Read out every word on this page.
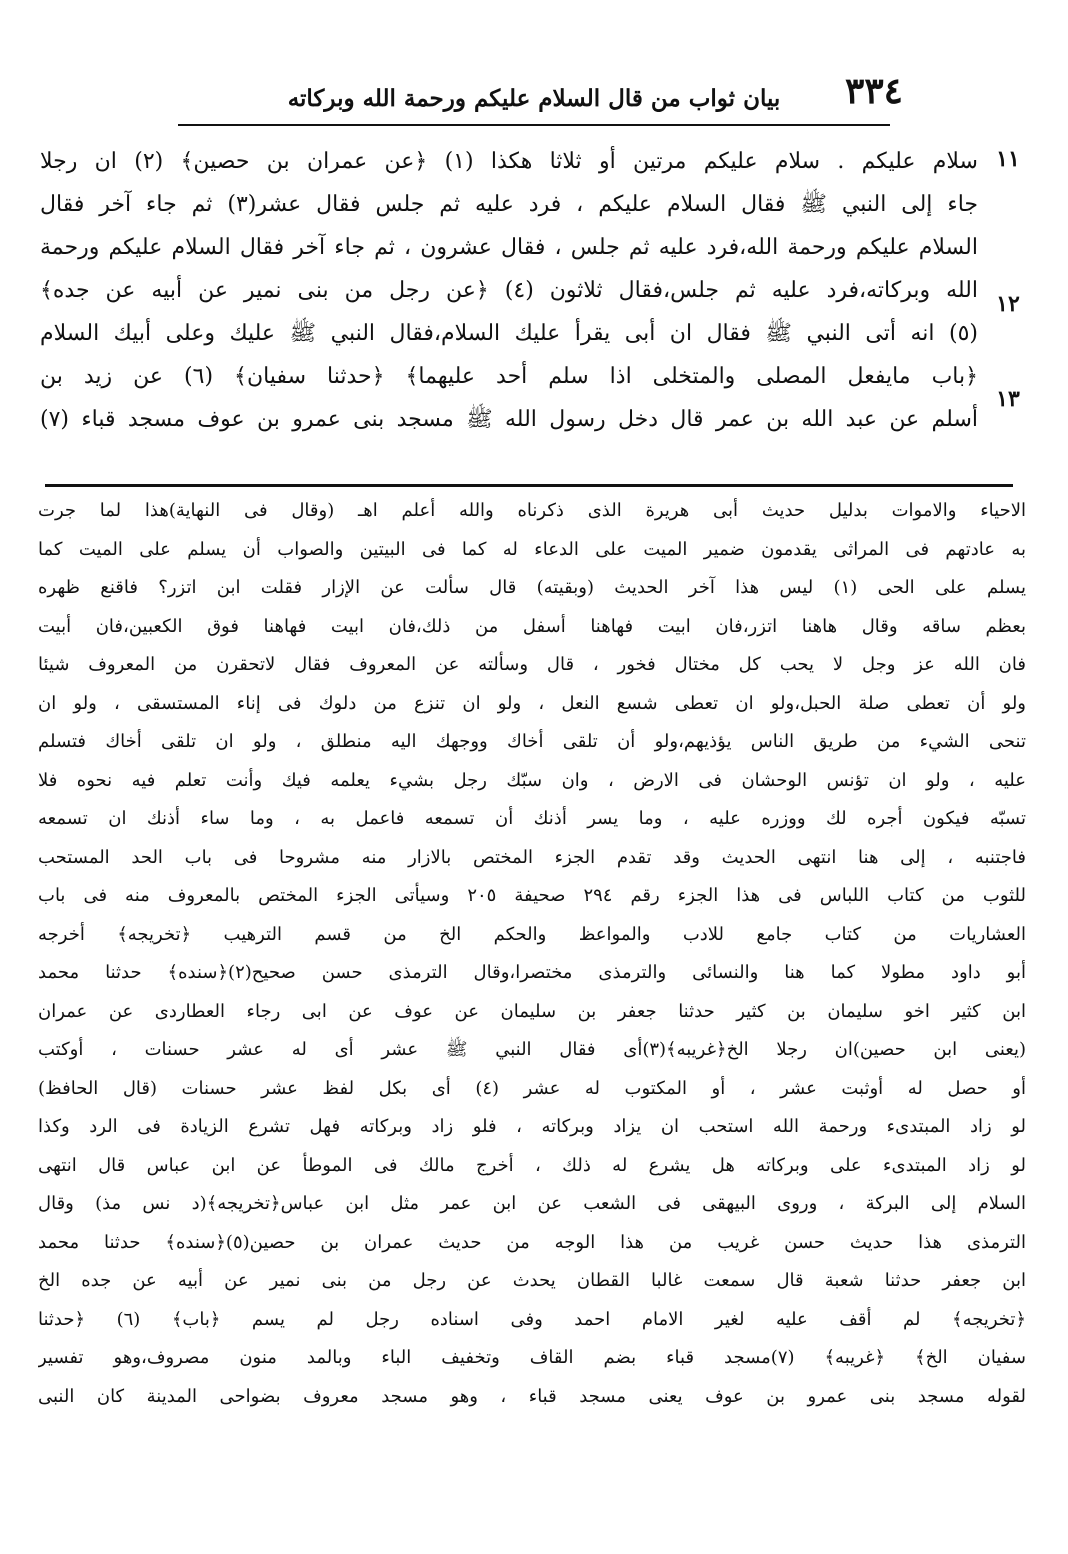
٣٣٤
بيان ثواب من قال السلام عليكم ورحمة الله وبركاته
١١
١٢
١٣
سلام عليكم . سلام عليكم مرتين أو ثلاثا هكذا (١) ﴿عن عمران بن حصين﴾ (٢) ان رجلا
جاء إلى النبي ﷺ فقال السلام عليكم ، فرد عليه ثم جلس فقال عشر(٣) ثم جاء آخر فقال
السلام عليكم ورحمة الله،فرد عليه ثم جلس ، فقال عشرون ، ثم جاء آخر فقال السلام عليكم ورحمة
الله وبركاته،فرد عليه ثم جلس،فقال ثلاثون (٤) ﴿عن رجل من بنى نمير عن أبيه عن جده﴾
(٥) انه أتى النبي ﷺ فقال ان أبى يقرأ عليك السلام،فقال النبي ﷺ عليك وعلى أبيك السلام
﴿باب مايفعل المصلى والمتخلى اذا سلم أحد عليهما﴾ ﴿حدثنا سفيان﴾ (٦) عن زيد بن
أسلم عن عبد الله بن عمر قال دخل رسول الله ﷺ مسجد بنى عمرو بن عوف مسجد قباء (٧)
الاحياء والاموات بدليل حديث أبى هريرة الذى ذكرناه والله أعلم اهـ (وقال فى النهاية)هذا لما جرت
به عادتهم فى المراثى يقدمون ضمير الميت على الدعاء له كما فى البيتين والصواب أن يسلم على الميت كما
يسلم على الحى (١) ليس هذا آخر الحديث (وبقيته) قال سألت عن الإزار فقلت ابن اتزر؟ فاقنع ظهره
بعظم ساقه وقال هاهنا اتزر،فان ابيت فهاهنا أسفل من ذلك،فان ابيت فهاهنا فوق الكعبين،فان أبيت
فان الله عز وجل لا يحب كل مختال فخور ، قال وسألته عن المعروف فقال لاتحقرن من المعروف شيئا
ولو أن تعطى صلة الحبل،ولو ان تعطى شسع النعل ، ولو ان تنزع من دلوك فى إناء المستسقى ، ولو ان
تنحى الشيء من طريق الناس يؤذيهم،ولو أن تلقى أخاك ووجهك اليه منطلق ، ولو ان تلقى أخاك فتسلم
عليه ، ولو ان تؤنس الوحشان فى الارض ، وان سبّك رجل بشيء يعلمه فيك وأنت تعلم فيه نحوه فلا
تسبّه فيكون أجره لك ووزره عليه ، وما يسر أذنك أن تسمعه فاعمل به ، وما ساء أذنك ان تسمعه
فاجتنبه ، إلى هنا انتهى الحديث وقد تقدم الجزء المختص بالازار منه مشروحا فى باب الحد المستحب
للثوب من كتاب اللباس فى هذا الجزء رقم ٢٩٤ صحيفة ٢٠٥ وسيأتى الجزء المختص بالمعروف منه فى باب
العشاريات من كتاب جامع للادب والمواعظ والحكم الخ من قسم الترهيب ﴿تخريجه﴾ أخرجه
أبو داود مطولا كما هنا والنسائى والترمذى مختصرا،وقال الترمذى حسن صحيح(٢)﴿سنده﴾ حدثنا محمد
ابن كثير اخو سليمان بن كثير حدثنا جعفر بن سليمان عن عوف عن ابى رجاء العطاردى عن عمران
(يعنى ابن حصين)ان رجلا الخ﴿غريبه﴾(٣)أى فقال النبي ﷺ عشر أى له عشر حسنات ، أوكتب
أو حصل له أوثبت عشر ، أو المكتوب له عشر (٤) أى بكل لفظ عشر حسنات (قال الحافظ)
لو زاد المبتدىء ورحمة الله استحب ان يزاد وبركاته ، فلو زاد وبركاته فهل تشرع الزيادة فى الرد وكذا
لو زاد المبتدىء على وبركاته هل يشرع له ذلك ، أخرج مالك فى الموطأ عن ابن عباس قال انتهى
السلام إلى البركة ، وروى البيهقى فى الشعب عن ابن عمر مثل ابن عباس﴿تخريجه﴾(د نس مذ) وقال
الترمذى هذا حديث حسن غريب من هذا الوجه من حديث عمران بن حصين(٥)﴿سنده﴾ حدثنا محمد
ابن جعفر حدثنا شعبة قال سمعت غالبا القطان يحدث عن رجل من بنى نمير عن أبيه عن جده الخ
﴿تخريجه﴾ لم أقف عليه لغير الامام احمد وفى اسناده رجل لم يسم ﴿باب﴾ (٦) ﴿حدثنا
سفيان الخ﴾ ﴿غريبه﴾ (٧)مسجد قباء بضم القاف وتخفيف الباء وبالمد منون مصروف،وهو تفسير
لقوله مسجد بنى عمرو بن عوف يعنى مسجد قباء ، وهو مسجد معروف بضواحى المدينة كان النبى
